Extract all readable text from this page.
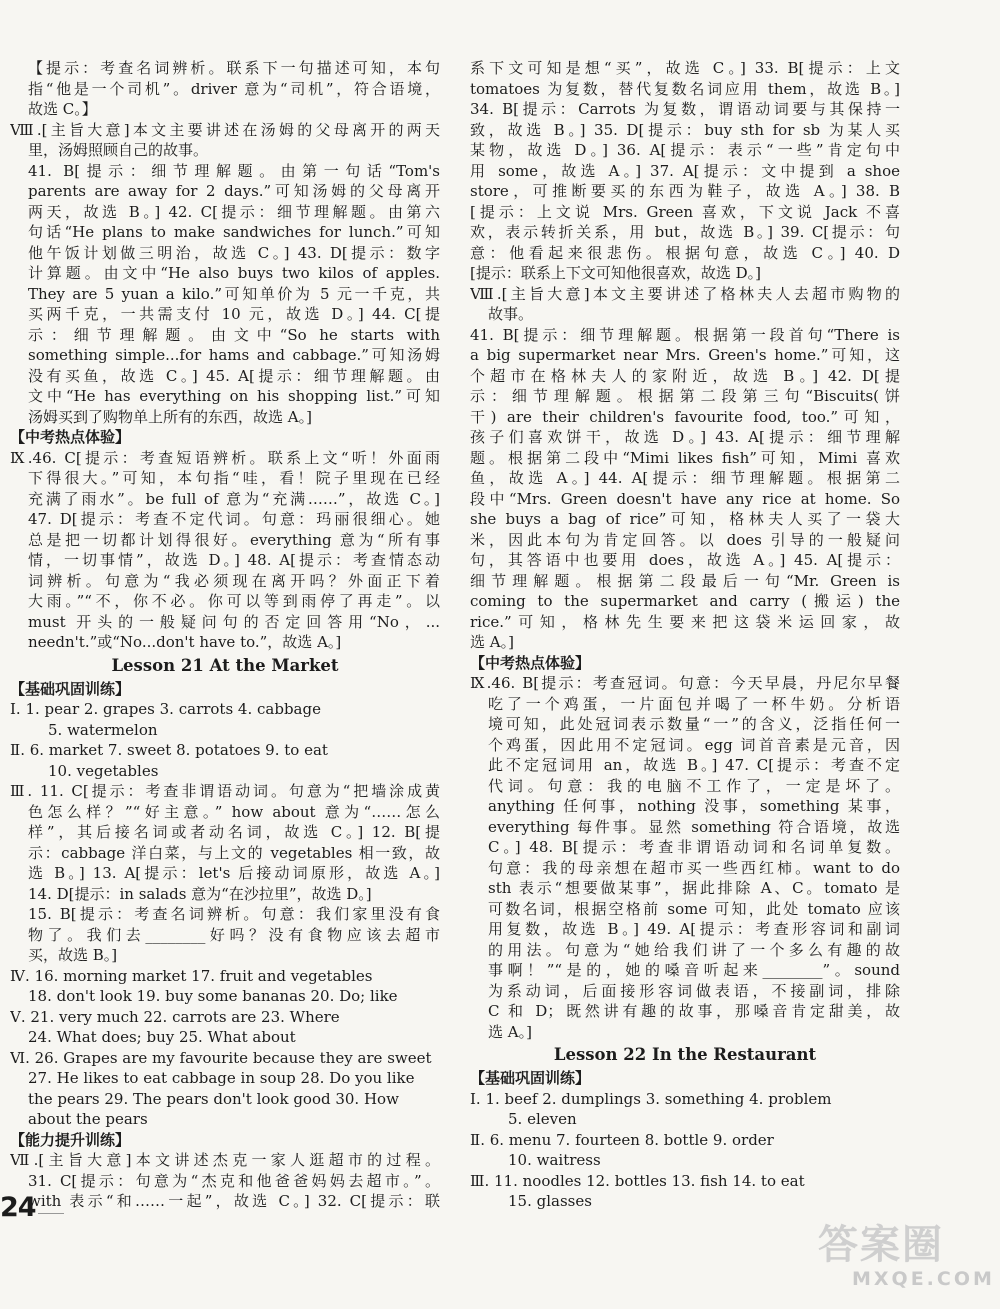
【提示：考查名词辨析。联系下一句描述可知，本句
指“他是一个司机”。driver 意为“司机”，符合语境，
故选 C。】
Ⅷ.[主旨大意]本文主要讲述在汤姆的父母离开的两天
里，汤姆照顾自己的故事。
41. B[提示：细节理解题。由第一句话“Tom's
parents are away for 2 days.”可知汤姆的父母离开
两天，故选 B。] 42. C[提示：细节理解题。由第六
句话“He plans to make sandwiches for lunch.”可知
他午饭计划做三明治，故选 C。] 43. D[提示：数字
计算题。由文中“He also buys two kilos of apples.
They are 5 yuan a kilo.”可知单价为 5 元一千克，共
买两千克，一共需支付 10 元，故选 D。] 44. C[提
示：细节理解题。由文中“So he starts with
something simple...for hams and cabbage.”可知汤姆
没有买鱼，故选 C。] 45. A[提示：细节理解题。由
文中“He has everything on his shopping list.”可知
汤姆买到了购物单上所有的东西，故选 A。]
【中考热点体验】
Ⅸ.46. C[提示：考查短语辨析。联系上文“听！外面雨
下得很大。”可知，本句指“哇，看！院子里现在已经
充满了雨水”。be full of 意为“充满……”，故选 C。]
47. D[提示：考查不定代词。句意：玛丽很细心。她
总是把一切都计划得很好。everything 意为“所有事
情，一切事情”，故选 D。] 48. A[提示：考查情态动
词辨析。句意为“我必须现在离开吗？外面正下着
大雨。”“不，你不必。你可以等到雨停了再走”。以
must 开头的一般疑问句的否定回答用“No，...
needn't.”或“No...don't have to.”，故选 A。]
Lesson 21 At the Market
【基础巩固训练】
Ⅰ. 1. pear 2. grapes 3. carrots 4. cabbage
5. watermelon
Ⅱ. 6. market 7. sweet 8. potatoes 9. to eat
10. vegetables
Ⅲ. 11. C[提示：考查非谓语动词。句意为“把墙涂成黄
色怎么样？”“好主意。” how about 意为“……怎么
样”，其后接名词或者动名词，故选 C。] 12. B[提
示：cabbage 洋白菜，与上文的 vegetables 相一致，故
选 B。] 13. A[提示：let's 后接动词原形，故选 A。]
14. D[提示：in salads 意为“在沙拉里”，故选 D。]
15. B[提示：考查名词辨析。句意：我们家里没有食
物了。我们去________好吗？没有食物应该去超市
买，故选 B。]
Ⅳ. 16. morning market 17. fruit and vegetables
18. don't look 19. buy some bananas 20. Do; like
Ⅴ. 21. very much 22. carrots are 23. Where
24. What does; buy 25. What about
Ⅵ. 26. Grapes are my favourite because they are sweet
27. He likes to eat cabbage in soup 28. Do you like
the pears 29. The pears don't look good 30. How
about the pears
【能力提升训练】
Ⅶ.[主旨大意]本文讲述杰克一家人逛超市的过程。
31. C[提示：句意为“杰克和他爸爸妈妈去超市。”。
with 表示“和……一起”，故选 C。] 32. C[提示：联
系下文可知是想“买”，故选 C。] 33. B[提示：上文
tomatoes 为复数，替代复数名词应用 them，故选 B。]
34. B[提示：Carrots 为复数，谓语动词要与其保持一
致，故选 B。] 35. D[提示：buy sth for sb 为某人买
某物，故选 D。] 36. A[提示：表示“一些”肯定句中
用 some，故选 A。] 37. A[提示：文中提到 a shoe
store，可推断要买的东西为鞋子，故选 A。] 38. B
[提示：上文说 Mrs. Green 喜欢，下文说 Jack 不喜
欢，表示转折关系，用 but，故选 B。] 39. C[提示：句
意：他看起来很悲伤。根据句意，故选 C。] 40. D
[提示：联系上下文可知他很喜欢，故选 D。]
Ⅷ.[主旨大意]本文主要讲述了格林夫人去超市购物的
故事。
41. B[提示：细节理解题。根据第一段首句“There is
a big supermarket near Mrs. Green's home.”可知，这
个超市在格林夫人的家附近，故选 B。] 42. D[提
示：细节理解题。根据第二段第三句“Biscuits(饼
干) are their children's favourite food, too.”可知，
孩子们喜欢饼干，故选 D。] 43. A[提示：细节理解
题。根据第二段中“Mimi likes fish”可知，Mimi 喜欢
鱼，故选 A。] 44. A[提示：细节理解题。根据第二
段中“Mrs. Green doesn't have any rice at home. So
she buys a bag of rice”可知，格林夫人买了一袋大
米，因此本句为肯定回答。以 does 引导的一般疑问
句，其答语中也要用 does，故选 A。] 45. A[提示：
细节理解题。根据第二段最后一句“Mr. Green is
coming to the supermarket and carry (搬运) the
rice.”可知，格林先生要来把这袋米运回家，故
选 A。]
【中考热点体验】
Ⅸ.46. B[提示：考查冠词。句意：今天早晨，丹尼尔早餐
吃了一个鸡蛋，一片面包并喝了一杯牛奶。分析语
境可知，此处冠词表示数量“一”的含义，泛指任何一
个鸡蛋，因此用不定冠词。egg 词首音素是元音，因
此不定冠词用 an，故选 B。] 47. C[提示：考查不定
代词。句意：我的电脑不工作了，一定是坏了。
anything 任何事，nothing 没事，something 某事，
everything 每件事。显然 something 符合语境，故选
C。] 48. B[提示：考查非谓语动词和名词单复数。
句意：我的母亲想在超市买一些西红柿。want to do
sth 表示“想要做某事”，据此排除 A、C。tomato 是
可数名词，根据空格前 some 可知，此处 tomato 应该
用复数，故选 B。] 49. A[提示：考查形容词和副词
的用法。句意为“她给我们讲了一个多么有趣的故
事啊！”“是的，她的嗓音听起来________”。sound
为系动词，后面接形容词做表语，不接副词，排除
C 和 D；既然讲有趣的故事，那嗓音肯定甜美，故
选 A。]
Lesson 22 In the Restaurant
【基础巩固训练】
Ⅰ. 1. beef 2. dumplings 3. something 4. problem
5. eleven
Ⅱ. 6. menu 7. fourteen 8. bottle 9. order
10. waitress
Ⅲ. 11. noodles 12. bottles 13. fish 14. to eat
15. glasses
24
答案圈
MXQE.COM
